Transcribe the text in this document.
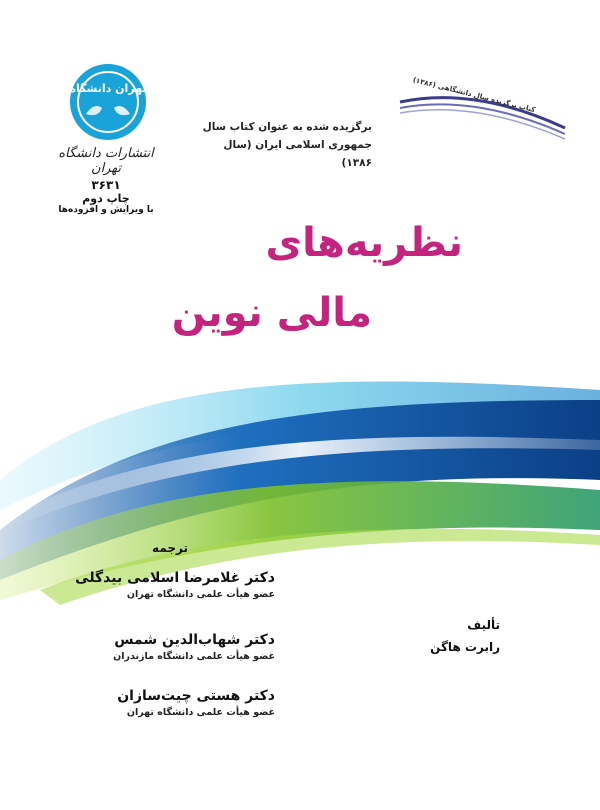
تهران دانشگاه
انتشارات دانشگاه تهران
۳۶۳۱
چاپ دوم
با ویرایش و افزوده‌ها
برگزیده شده به عنوان کتاب سال
جمهوری اسلامی ایران (سال ۱۳۸۶)
کتاب برگزیده سال دانشگاهی (۱۳۸۶)
نظریه‌های
مالی نوین
ترجمه
دکتر غلامرضا اسلامی بیدگلی
عضو هیأت علمی دانشگاه تهران
دکتر شهاب‌الدین شمس
عضو هیأت علمی دانشگاه مازندران
دکتر هستی چیت‌سازان
عضو هیأت علمی دانشگاه تهران
تألیف
رابرت هاگن
